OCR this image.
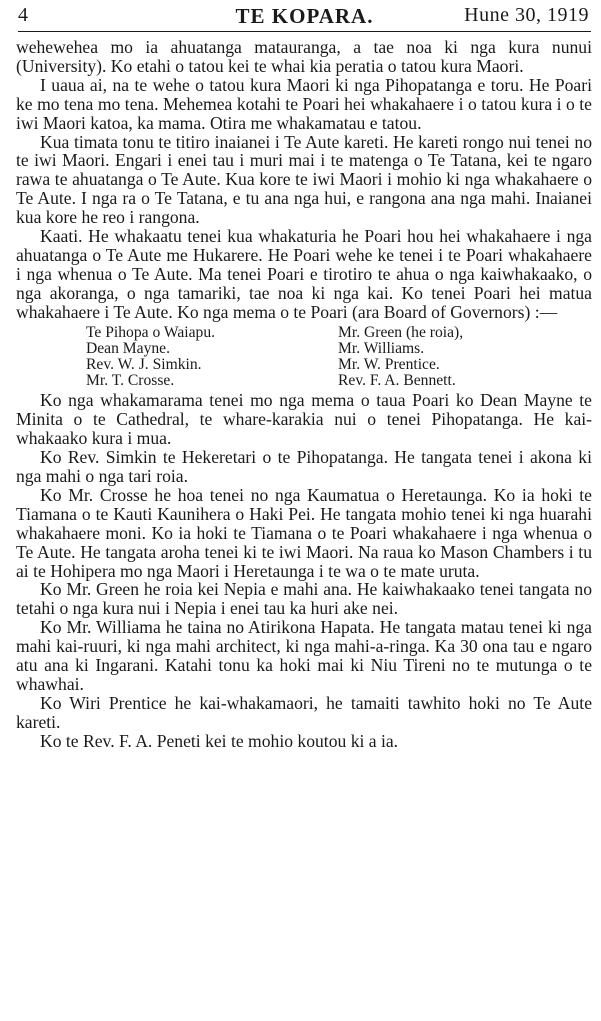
4	TE KOPARA.	Hune 30, 1919

wehewehea mo ia ahuatanga matauranga, a tae noa ki nga kura nunui (University). Ko etahi o tatou kei te whai kia peratia o tatou kura Maori.

I uaua ai, na te wehe o tatou kura Maori ki nga Pihopatanga e toru. He Poari ke mo tena mo tena. Mehemea kotahi te Poari hei whakahaere i o tatou kura i o te iwi Maori katoa, ka mama. Otira me whakamatau e tatou.

Kua timata tonu te titiro inaianei i Te Aute kareti. He kareti rongo nui tenei no te iwi Maori. Engari i enei tau i muri mai i te matenga o Te Tatana, kei te ngaro rawa te ahuatanga o Te Aute. Kua kore te iwi Maori i mohio ki nga whakahaere o Te Aute. I nga ra o Te Tatana, e tu ana nga hui, e rangona ana nga mahi. Inaianei kua kore he reo i rangona.

Kaati. He whakaatu tenei kua whakaturia he Poari hou hei whakahaere i nga ahuatanga o Te Aute me Hukarere. He Poari wehe ke tenei i te Poari whakahaere i nga whenua o Te Aute. Ma tenei Poari e tirotiro te ahua o nga kaiwhakaako, o nga akoranga, o nga tamariki, tae noa ki nga kai. Ko tenei Poari hei matua whakahaere i Te Aute. Ko nga mema o te Poari (ara Board of Governors) :—

Te Pihopa o Waiapu.	Mr. Green (he roia),
Dean Mayne.	Mr. Williams.
Rev. W. J. Simkin.	Mr. W. Prentice.
Mr. T. Crosse.	Rev. F. A. Bennett.

Ko nga whakamarama tenei mo nga mema o taua Poari ko Dean Mayne te Minita o te Cathedral, te whare-karakia nui o tenei Pihopatanga. He kai-whakaako kura i mua.

Ko Rev. Simkin te Hekeretari o te Pihopatanga. He tangata tenei i akona ki nga mahi o nga tari roia.

Ko Mr. Crosse he hoa tenei no nga Kaumatua o Heretaunga. Ko ia hoki te Tiamana o te Kauti Kaunihera o Haki Pei. He tangata mohio tenei ki nga huarahi whakahaere moni. Ko ia hoki te Tiamana o te Poari whakahaere i nga whenua o Te Aute. He tangata aroha tenei ki te iwi Maori. Na raua ko Mason Chambers i tu ai te Hohipera mo nga Maori i Heretaunga i te wa o te mate uruta.

Ko Mr. Green he roia kei Nepia e mahi ana. He kaiwhakaako tenei tangata no tetahi o nga kura nui i Nepia i enei tau ka huri ake nei.

Ko Mr. Williama he taina no Atirikona Hapata. He tangata matau tenei ki nga mahi kai-ruuri, ki nga mahi architect, ki nga mahi-a-ringa. Ka 30 ona tau e ngaro atu ana ki Ingarani. Katahi tonu ka hoki mai ki Niu Tireni no te mutunga o te whawhai.

Ko Wiri Prentice he kai-whakamaori, he tamaiti tawhito hoki no Te Aute kareti.

Ko te Rev. F. A. Peneti kei te mohio koutou ki a ia.
